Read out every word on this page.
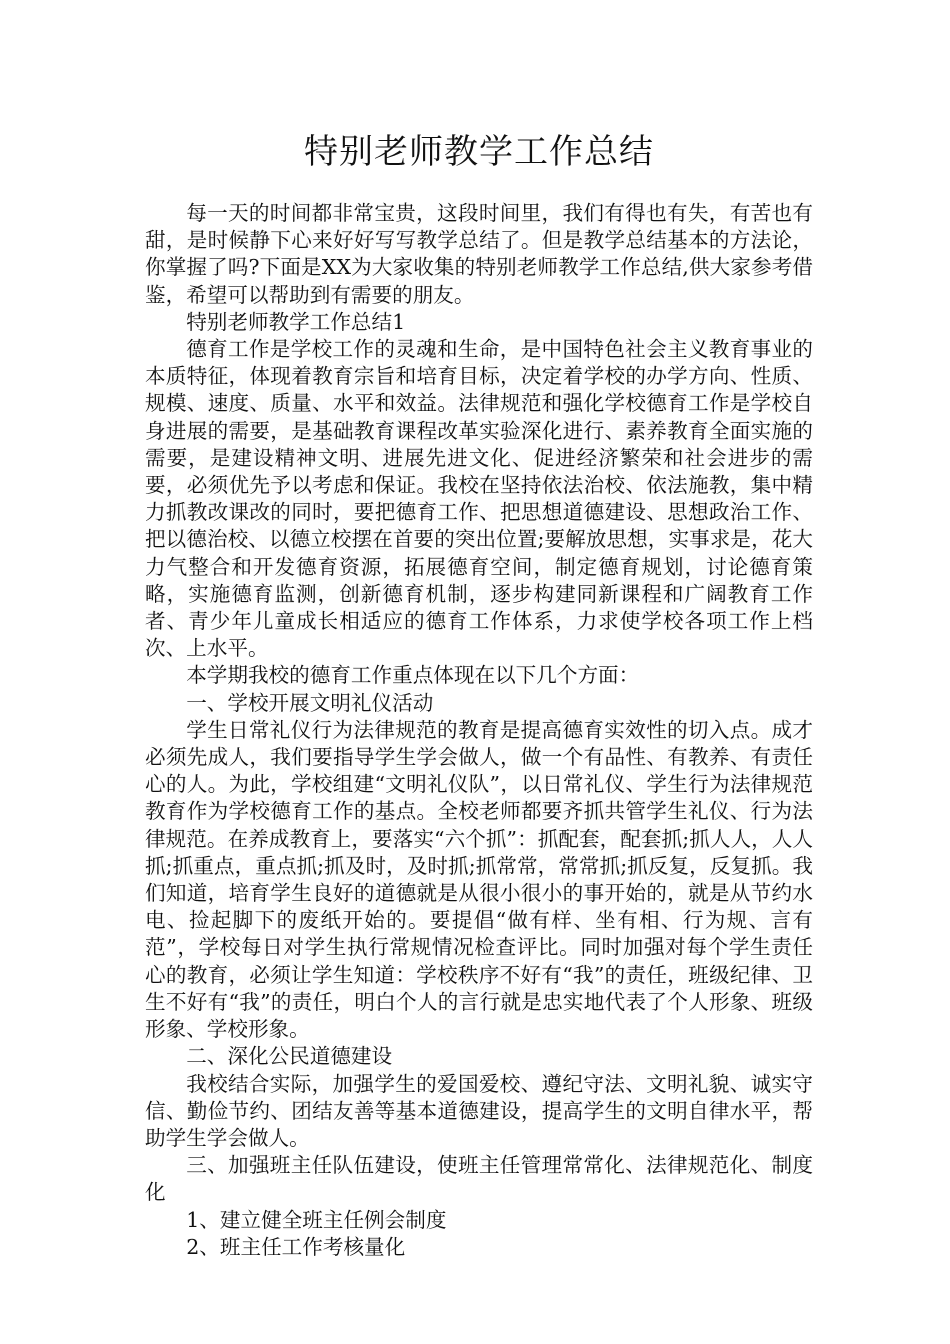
特别老师教学工作总结

每一天的时间都非常宝贵，这段时间里，我们有得也有失，有苦也有甜，是时候静下心来好好写写教学总结了。但是教学总结基本的方法论，你掌握了吗?下面是XX为大家收集的特别老师教学工作总结,供大家参考借鉴，希望可以帮助到有需要的朋友。

特别老师教学工作总结1

德育工作是学校工作的灵魂和生命，是中国特色社会主义教育事业的本质特征，体现着教育宗旨和培育目标，决定着学校的办学方向、性质、规模、速度、质量、水平和效益。法律规范和强化学校德育工作是学校自身进展的需要，是基础教育课程改革实验深化进行、素养教育全面实施的需要，是建设精神文明、进展先进文化、促进经济繁荣和社会进步的需要，必须优先予以考虑和保证。我校在坚持依法治校、依法施教，集中精力抓教改课改的同时，要把德育工作、把思想道德建设、思想政治工作、把以德治校、以德立校摆在首要的突出位置;要解放思想，实事求是，花大力气整合和开发德育资源，拓展德育空间，制定德育规划，讨论德育策略，实施德育监测，创新德育机制，逐步构建同新课程和广阔教育工作者、青少年儿童成长相适应的德育工作体系，力求使学校各项工作上档次、上水平。

本学期我校的德育工作重点体现在以下几个方面：

一、学校开展文明礼仪活动

学生日常礼仪行为法律规范的教育是提高德育实效性的切入点。成才必须先成人，我们要指导学生学会做人，做一个有品性、有教养、有责任心的人。为此，学校组建“文明礼仪队”，以日常礼仪、学生行为法律规范教育作为学校德育工作的基点。全校老师都要齐抓共管学生礼仪、行为法律规范。在养成教育上，要落实“六个抓”：抓配套，配套抓;抓人人，人人抓;抓重点，重点抓;抓及时，及时抓;抓常常，常常抓;抓反复，反复抓。我们知道，培育学生良好的道德就是从很小很小的事开始的，就是从节约水电、捡起脚下的废纸开始的。要提倡“做有样、坐有相、行为规、言有范”，学校每日对学生执行常规情况检查评比。同时加强对每个学生责任心的教育，必须让学生知道：学校秩序不好有“我”的责任，班级纪律、卫生不好有“我”的责任，明白个人的言行就是忠实地代表了个人形象、班级形象、学校形象。

二、深化公民道德建设

我校结合实际，加强学生的爱国爱校、遵纪守法、文明礼貌、诚实守信、勤俭节约、团结友善等基本道德建设，提高学生的文明自律水平，帮助学生学会做人。

三、加强班主任队伍建设，使班主任管理常常化、法律规范化、制度化

1、建立健全班主任例会制度

2、班主任工作考核量化
